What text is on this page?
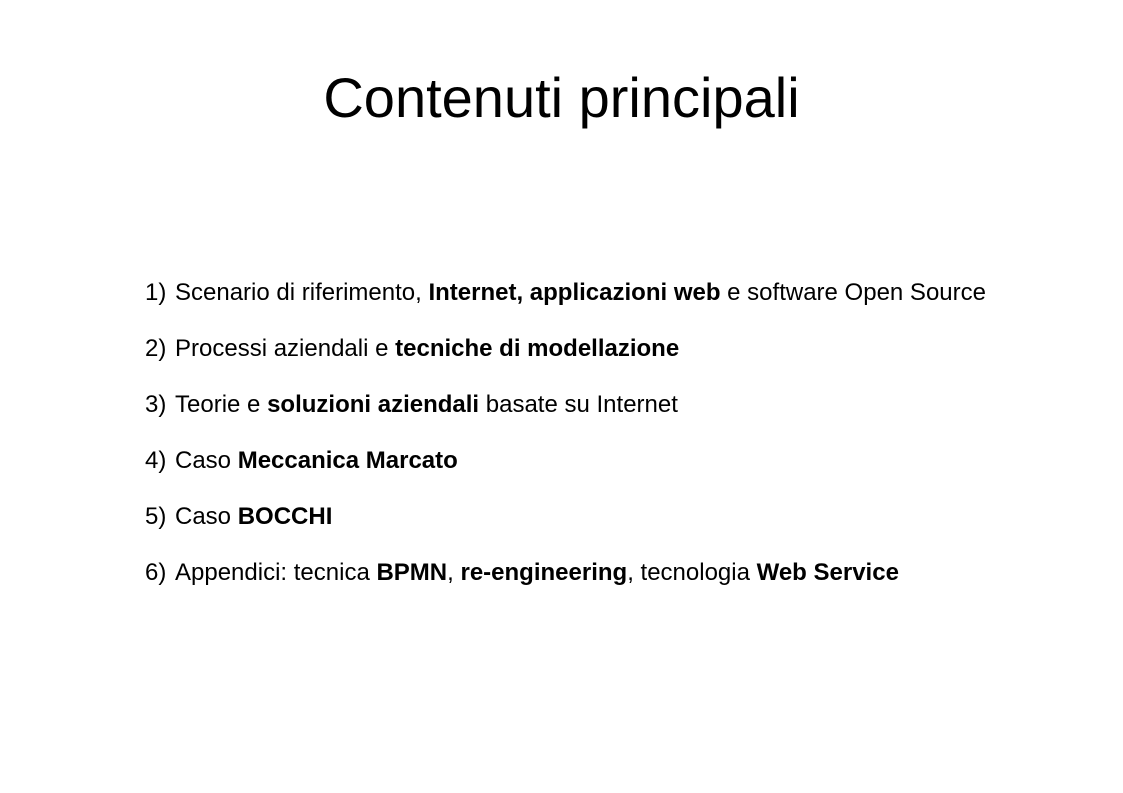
Contenuti principali
1) Scenario di riferimento, Internet, applicazioni web e software Open Source
2) Processi aziendali e tecniche di modellazione
3) Teorie e soluzioni aziendali basate su Internet
4) Caso Meccanica Marcato
5) Caso BOCCHI
6) Appendici: tecnica BPMN, re-engineering, tecnologia Web Service
